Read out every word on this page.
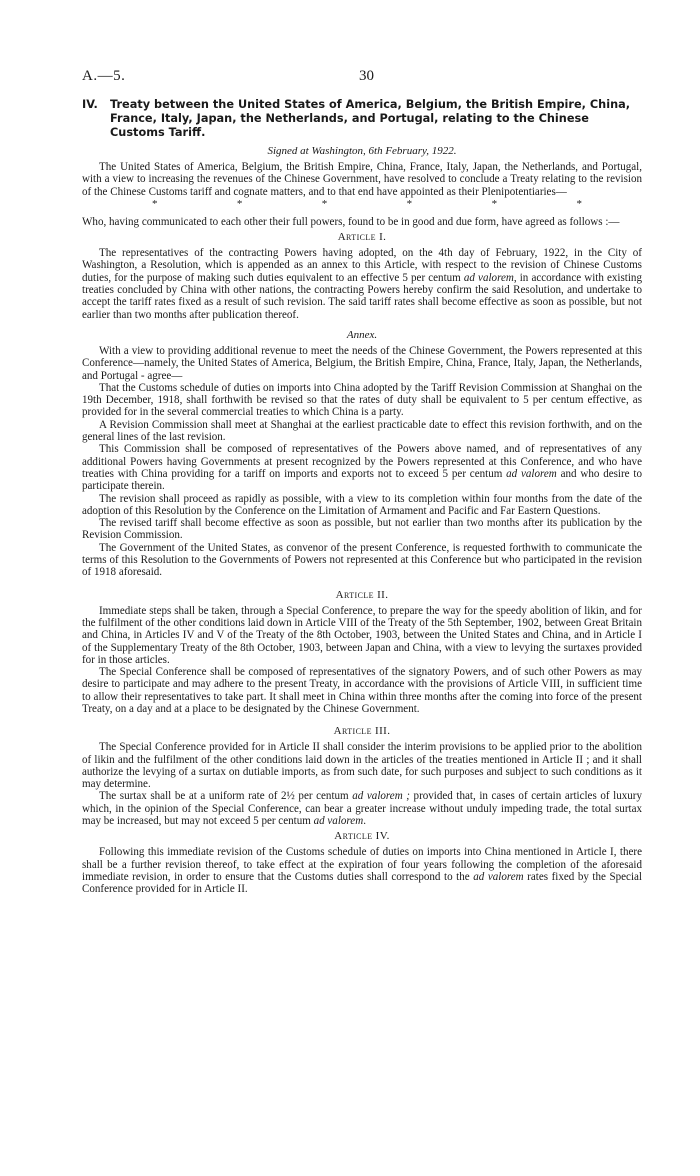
A.—5.	30
IV. Treaty between the United States of America, Belgium, the British Empire, China, France, Italy, Japan, the Netherlands, and Portugal, relating to the Chinese Customs Tariff.
Signed at Washington, 6th February, 1922.

The United States of America, Belgium, the British Empire, China, France, Italy, Japan, the Netherlands, and Portugal, with a view to increasing the revenues of the Chinese Government, have resolved to conclude a Treaty relating to the revision of the Chinese Customs tariff and cognate matters, and to that end have appointed as their Plenipotentiaries—

*	*	*	*	*	*

Who, having communicated to each other their full powers, found to be in good and due form, have agreed as follows :—

Article I.

The representatives of the contracting Powers having adopted, on the 4th day of February, 1922, in the City of Washington, a Resolution, which is appended as an annex to this Article, with respect to the revision of Chinese Customs duties, for the purpose of making such duties equivalent to an effective 5 per centum ad valorem, in accordance with existing treaties concluded by China with other nations, the contracting Powers hereby confirm the said Resolution, and undertake to accept the tariff rates fixed as a result of such revision. The said tariff rates shall become effective as soon as possible, but not earlier than two months after publication thereof.

Annex.

With a view to providing additional revenue to meet the needs of the Chinese Government, the Powers represented at this Conference—namely, the United States of America, Belgium, the British Empire, China, France, Italy, Japan, the Netherlands, and Portugal - agree—

That the Customs schedule of duties on imports into China adopted by the Tariff Revision Commission at Shanghai on the 19th December, 1918, shall forthwith be revised so that the rates of duty shall be equivalent to 5 per centum effective, as provided for in the several commercial treaties to which China is a party.

A Revision Commission shall meet at Shanghai at the earliest practicable date to effect this revision forthwith, and on the general lines of the last revision.

This Commission shall be composed of representatives of the Powers above named, and of representatives of any additional Powers having Governments at present recognized by the Powers represented at this Conference, and who have treaties with China providing for a tariff on imports and exports not to exceed 5 per centum ad valorem and who desire to participate therein.

The revision shall proceed as rapidly as possible, with a view to its completion within four months from the date of the adoption of this Resolution by the Conference on the Limitation of Armament and Pacific and Far Eastern Questions.

The revised tariff shall become effective as soon as possible, but not earlier than two months after its publication by the Revision Commission.

The Government of the United States, as convenor of the present Conference, is requested forthwith to communicate the terms of this Resolution to the Governments of Powers not represented at this Conference but who participated in the revision of 1918 aforesaid.

Article II.

Immediate steps shall be taken, through a Special Conference, to prepare the way for the speedy abolition of likin, and for the fulfilment of the other conditions laid down in Article VIII of the Treaty of the 5th September, 1902, between Great Britain and China, in Articles IV and V of the Treaty of the 8th October, 1903, between the United States and China, and in Article I of the Supplementary Treaty of the 8th October, 1903, between Japan and China, with a view to levying the surtaxes provided for in those articles.

The Special Conference shall be composed of representatives of the signatory Powers, and of such other Powers as may desire to participate and may adhere to the present Treaty, in accordance with the provisions of Article VIII, in sufficient time to allow their representatives to take part. It shall meet in China within three months after the coming into force of the present Treaty, on a day and at a place to be designated by the Chinese Government.

Article III.

The Special Conference provided for in Article II shall consider the interim provisions to be applied prior to the abolition of likin and the fulfilment of the other conditions laid down in the articles of the treaties mentioned in Article II ; and it shall authorize the levying of a surtax on dutiable imports, as from such date, for such purposes and subject to such conditions as it may determine.

The surtax shall be at a uniform rate of 2½ per centum ad valorem ; provided that, in cases of certain articles of luxury which, in the opinion of the Special Conference, can bear a greater increase without unduly impeding trade, the total surtax may be increased, but may not exceed 5 per centum ad valorem.

Article IV.

Following this immediate revision of the Customs schedule of duties on imports into China mentioned in Article I, there shall be a further revision thereof, to take effect at the expiration of four years following the completion of the aforesaid immediate revision, in order to ensure that the Customs duties shall correspond to the ad valorem rates fixed by the Special Conference provided for in Article II.
